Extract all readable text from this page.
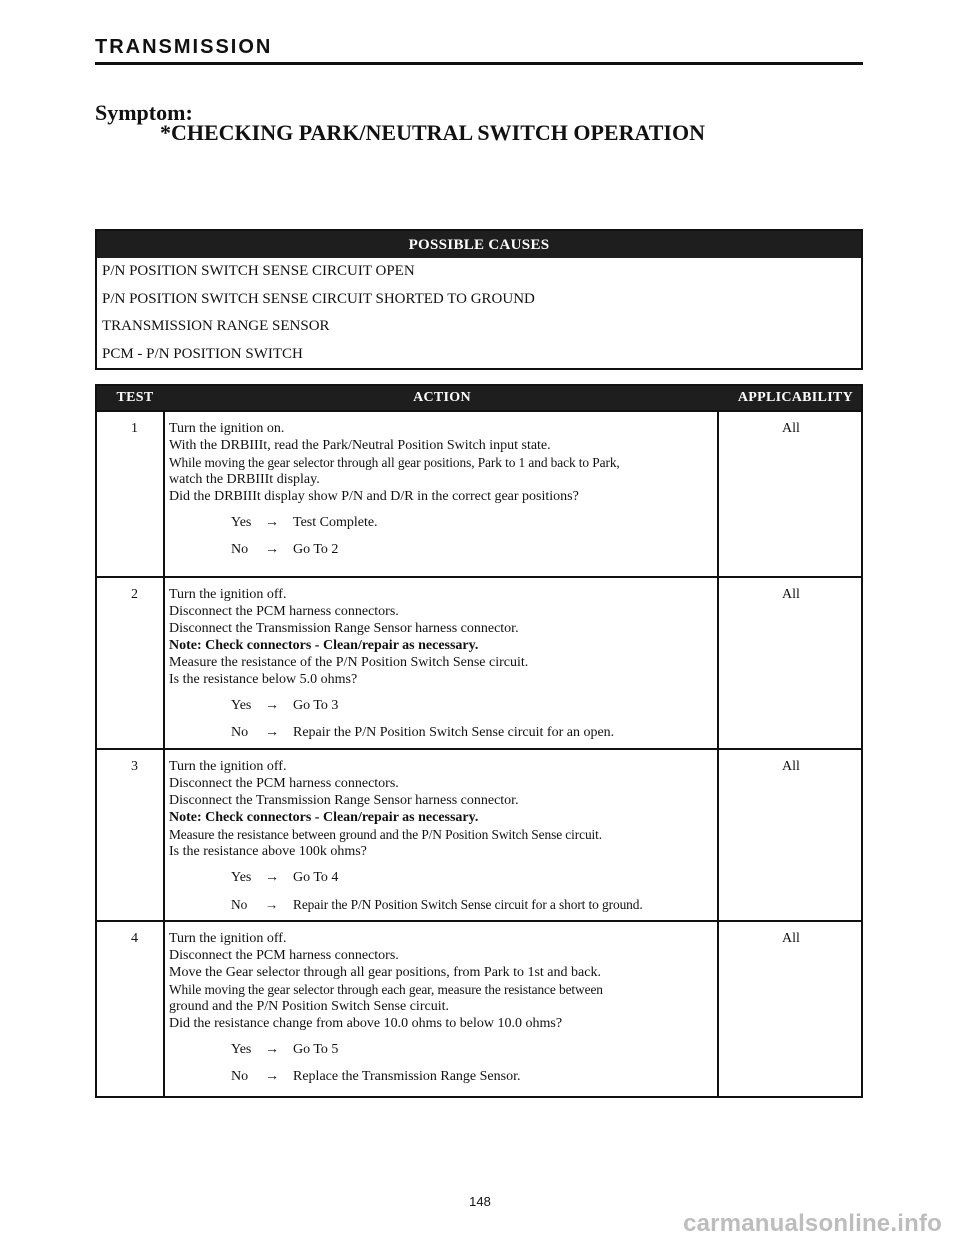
TRANSMISSION
Symptom:
*CHECKING PARK/NEUTRAL SWITCH OPERATION
POSSIBLE CAUSES
P/N POSITION SWITCH SENSE CIRCUIT OPEN
P/N POSITION SWITCH SENSE CIRCUIT SHORTED TO GROUND
TRANSMISSION RANGE SENSOR
PCM - P/N POSITION SWITCH
TEST	ACTION	APPLICABILITY
1 Turn the ignition on.
With the DRBIIIt, read the Park/Neutral Position Switch input state.
While moving the gear selector through all gear positions, Park to 1 and back to Park,
watch the DRBIIIt display.
Did the DRBIIIt display show P/N and D/R in the correct gear positions?
Yes → Test Complete.
No → Go To 2
All
2 Turn the ignition off.
Disconnect the PCM harness connectors.
Disconnect the Transmission Range Sensor harness connector.
Note: Check connectors - Clean/repair as necessary.
Measure the resistance of the P/N Position Switch Sense circuit.
Is the resistance below 5.0 ohms?
Yes → Go To 3
No → Repair the P/N Position Switch Sense circuit for an open.
All
3 Turn the ignition off.
Disconnect the PCM harness connectors.
Disconnect the Transmission Range Sensor harness connector.
Note: Check connectors - Clean/repair as necessary.
Measure the resistance between ground and the P/N Position Switch Sense circuit.
Is the resistance above 100k ohms?
Yes → Go To 4
No → Repair the P/N Position Switch Sense circuit for a short to ground.
All
4 Turn the ignition off.
Disconnect the PCM harness connectors.
Move the Gear selector through all gear positions, from Park to 1st and back.
While moving the gear selector through each gear, measure the resistance between
ground and the P/N Position Switch Sense circuit.
Did the resistance change from above 10.0 ohms to below 10.0 ohms?
Yes → Go To 5
No → Replace the Transmission Range Sensor.
All
148
carmanualsonline.info
